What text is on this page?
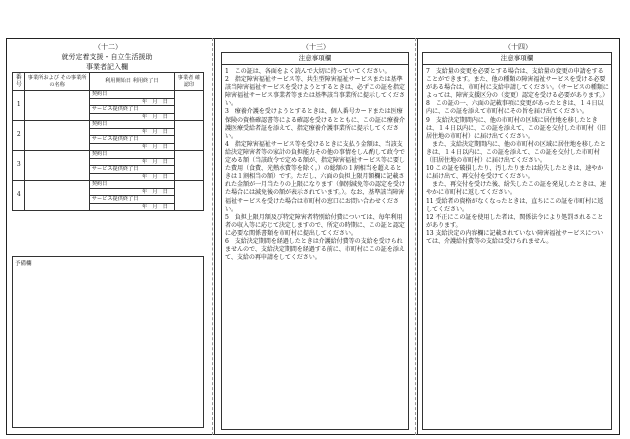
（十二）	（十三）	（十四）
就労定着支援・自立生活援助
事業者記入欄
番号	事業所および その事業所の名称	利用開始日 利用終了日	事業者 確認印
1		契約日	
		年　月　日	
		サービス提供終了日	
		年　月　日	
2		契約日	
		年　月　日	
		サービス提供終了日	
		年　月　日	
3		契約日	
		年　月　日	
		サービス提供終了日	
		年　月　日	
4		契約日	
		年　月　日	
		サービス提供終了日	
		年　月　日	
予備欄
注意事項欄

1　この証は、各面をよく読んで大切に持っていてください。

2　指定障害福祉サービス等、共生型障害福祉サービスまたは基準該当障害福祉サービスを受けようとするときは、必ずこの証を指定障害福祉サービス事業者等または基準該当事業所に提示してください。

3　療養介護を受けようとするときは、個人番号カードまたは医療保険の資格確認書等による確認を受けるとともに、この証に療養介護医療受給者証を添えて、指定療養介護事業所に提示してください。

4　指定障害福祉サービス等を受けるときに支払う金額は、当該支給決定障害者等の家計の負担能力その他の事情をしん酌して政令で定める額（当該政令で定める額が、指定障害福祉サービス等に要した費用（食費、光熱水費等を除く。）の総額の１割相当を超えるときは１割相当の額）です。ただし、六面の負担上限月額欄に記載された金額が一月当たりの上限になります（個別減免等の認定を受けた場合には減免後の額が表示されています。）。なお、基準該当障害福祉サービスを受けた場合は市町村の窓口にお問い合わせください。

5　負担上限月額及び特定障害者特別給付費については、毎年利用者の収入等に応じて決定しますので、所定の時期に、この証と認定に必要な関係書類を市町村に提出してください。

6　支給決定期間を経過したときは介護給付費等の支給を受けられませんので、支給決定期間を経過する前に、市町村にこの証を添えて、支給の再申請をしてください。

注意事項欄

7　支給量の変更を必要とする場合は、支給量の変更の申請をすることができます。また、他の種類の障害福祉サービスを受ける必要がある場合は、市町村に支給申請してください。（サービスの種類によっては、障害支援区分の（変更）認定を受ける必要があります。）

8　この証の一、六面の記載事項に変更があったときは、１４日以内に、この証を添えて市町村にその旨を届け出てください。

9　支給決定期間内に、他の市町村の区域に居住地を移したときは、１４日以内に、この証を添えて、この証を交付した市町村（旧居住地の市町村）に届け出てください。

　また、支給決定期間内に、他の市町村の区域に居住地を移したときは、１４日以内に、この証を添えて、この証を交付した市町村（旧居住地の市町村）に届け出てください。

10 この証を破損したり、汚したりまたは紛失したときは、速やかに届け出て、再交付を受けてください。

　また、再交付を受けた後、紛失したこの証を発見したときは、速やかに市町村に返してください。

11 受給者の資格がなくなったときは、直ちにこの証を市町村に返してください。

12 不正にこの証を使用した者は、関係法令により処罰されることがあります。

13 支給決定の内容欄に記載されていない障害福祉サービスについては、介護給付費等の支給は受けられません。
